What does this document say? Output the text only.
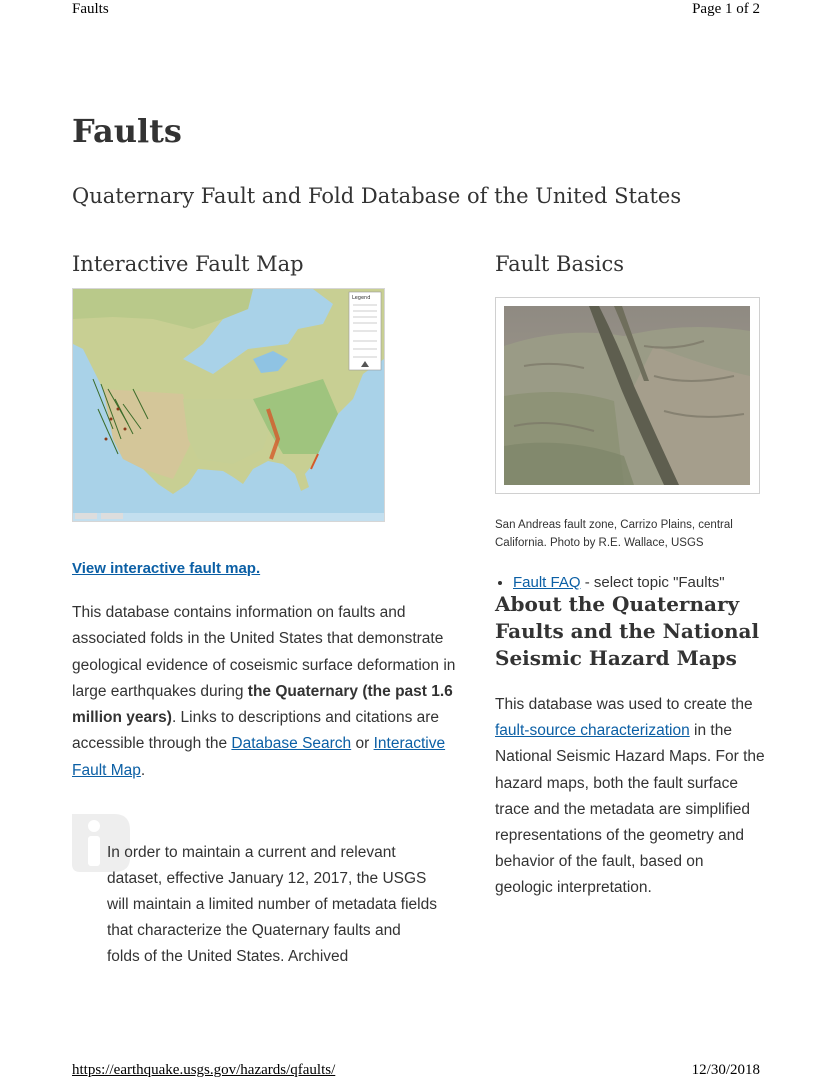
Faults	Page 1 of 2
Faults
Quaternary Fault and Fold Database of the United States
Interactive Fault Map
Legend
View interactive fault map.

This database contains information on faults and associated folds in the United States that demonstrate geological evidence of coseismic surface deformation in large earthquakes during the Quaternary (the past 1.6 million years). Links to descriptions and citations are accessible through the Database Search or Interactive Fault Map.

In order to maintain a current and relevant dataset, effective January 12, 2017, the USGS will maintain a limited number of metadata fields that characterize the Quaternary faults and folds of the United States. Archived

Fault Basics
San Andreas fault zone, Carrizo Plains, central California. Photo by R.E. Wallace, USGS
• Fault FAQ - select topic "Faults"
About the Quaternary Faults and the National Seismic Hazard Maps

This database was used to create the fault-source characterization in the National Seismic Hazard Maps. For the hazard maps, both the fault surface trace and the metadata are simplified representations of the geometry and behavior of the fault, based on geologic interpretation.

https://earthquake.usgs.gov/hazards/qfaults/	12/30/2018
